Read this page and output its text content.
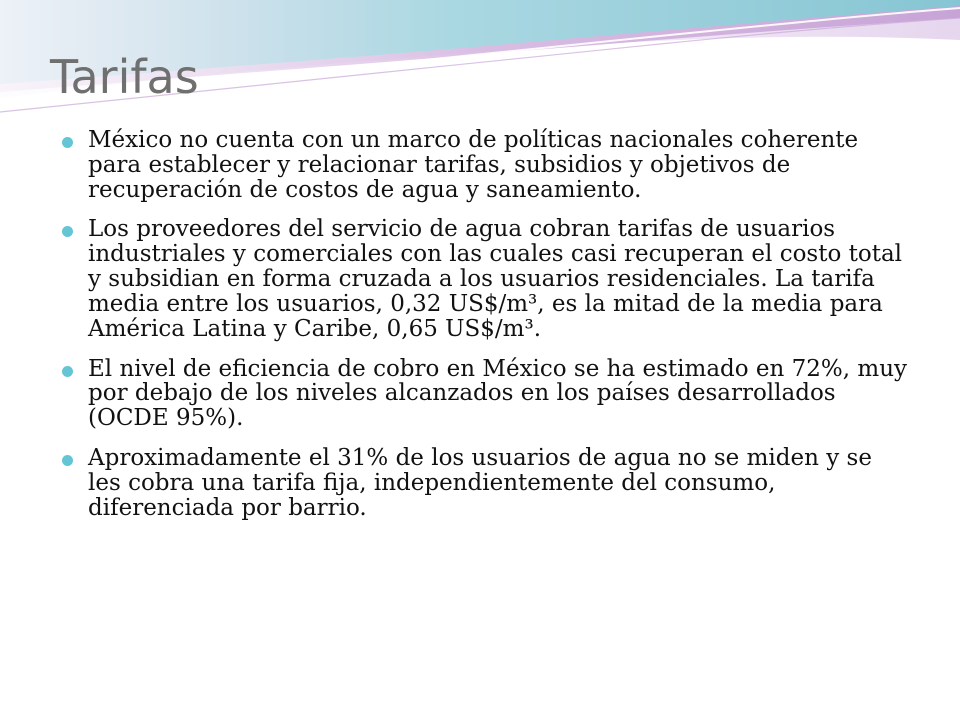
Tarifas
México no cuenta con un marco de políticas nacionales coherente para establecer y relacionar tarifas, subsidios y objetivos de recuperación de costos de agua y saneamiento.
Los proveedores del servicio de agua cobran tarifas de usuarios industriales y comerciales con las cuales casi recuperan el costo total y subsidian en forma cruzada a los usuarios residenciales. La tarifa media entre los usuarios, 0,32 US$/m³, es la mitad de la media para América Latina y Caribe, 0,65 US$/m³.
El nivel de eficiencia de cobro en México se ha estimado en 72%, muy por debajo de los niveles alcanzados en los países desarrollados (OCDE 95%).
Aproximadamente el 31% de los usuarios de agua no se miden y se les cobra una tarifa fija, independientemente del consumo, diferenciada por barrio.
